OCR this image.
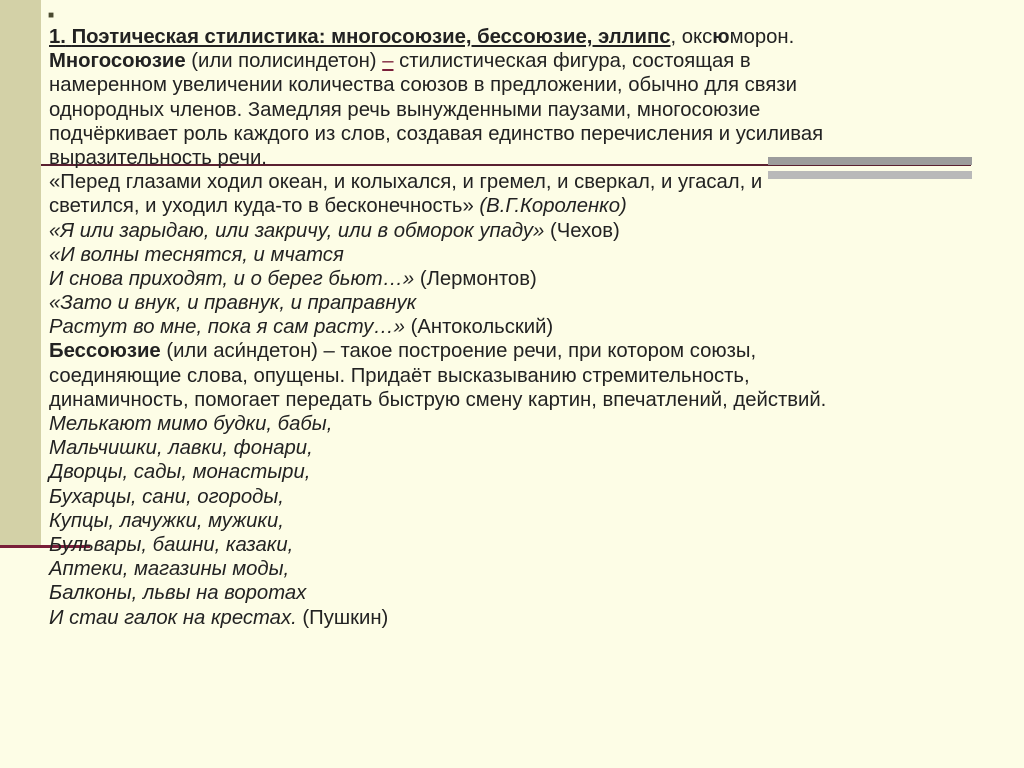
■
1. Поэтическая стилистика: многосоюзие, бессоюзие, эллипс, оксюморон.
Многосоюзие (или полисиндетон) – стилистическая фигура, состоящая в
намеренном увеличении количества союзов в предложении, обычно для связи
однородных членов. Замедляя речь вынужденными паузами, многосоюзие
подчёркивает роль каждого из слов, создавая единство перечисления и усиливая
выразительность речи.
«Перед глазами ходил океан, и колыхался, и гремел, и сверкал, и угасал, и
светился, и уходил куда-то в бесконечность» (В.Г.Короленко)
«Я или зарыдаю, или закричу, или в обморок упаду» (Чехов)
«И волны теснятся, и мчатся
И снова приходят, и о берег бьют…» (Лермонтов)
«Зато и внук, и правнук, и праправнук
Растут во мне, пока я сам расту…» (Антокольский)
Бессоюзие (или аси́ндетон) – такое построение речи, при котором союзы,
соединяющие слова, опущены. Придаёт высказыванию стремительность,
динамичность, помогает передать быструю смену картин, впечатлений, действий.
Мелькают мимо будки, бабы,
Мальчишки, лавки, фонари,
Дворцы, сады, монастыри,
Бухарцы, сани, огороды,
Купцы, лачужки, мужики,
Бульвары, башни, казаки,
Аптеки, магазины моды,
Балконы, львы на воротах
И стаи галок на крестах. (Пушкин)
